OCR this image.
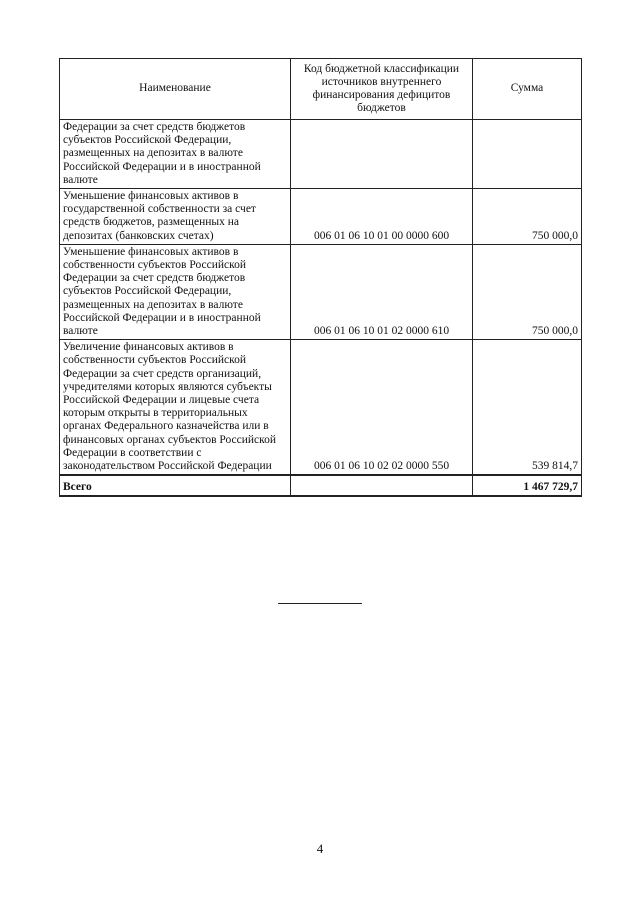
Наименование	Код бюджетной классификации источников внутреннего финансирования дефицитов бюджетов	Сумма
Федерации за счет средств бюджетов субъектов Российской Федерации, размещенных на депозитах в валюте Российской Федерации и в иностранной валюте		
Уменьшение финансовых активов в государственной собственности за счет средств бюджетов, размещенных на депозитах (банковских счетах)	006 01 06 10 01 00 0000 600	750 000,0
Уменьшение финансовых активов в собственности субъектов Российской Федерации за счет средств бюджетов субъектов Российской Федерации, размещенных на депозитах в валюте Российской Федерации и в иностранной валюте	006 01 06 10 01 02 0000 610	750 000,0
Увеличение финансовых активов в собственности субъектов Российской Федерации за счет средств организаций, учредителями которых являются субъекты Российской Федерации и лицевые счета которым открыты в территориальных органах Федерального казначейства или в финансовых органах субъектов Российской Федерации в соответствии с законодательством Российской Федерации	006 01 06 10 02 02 0000 550	539 814,7
Всего		1 467 729,7
4
